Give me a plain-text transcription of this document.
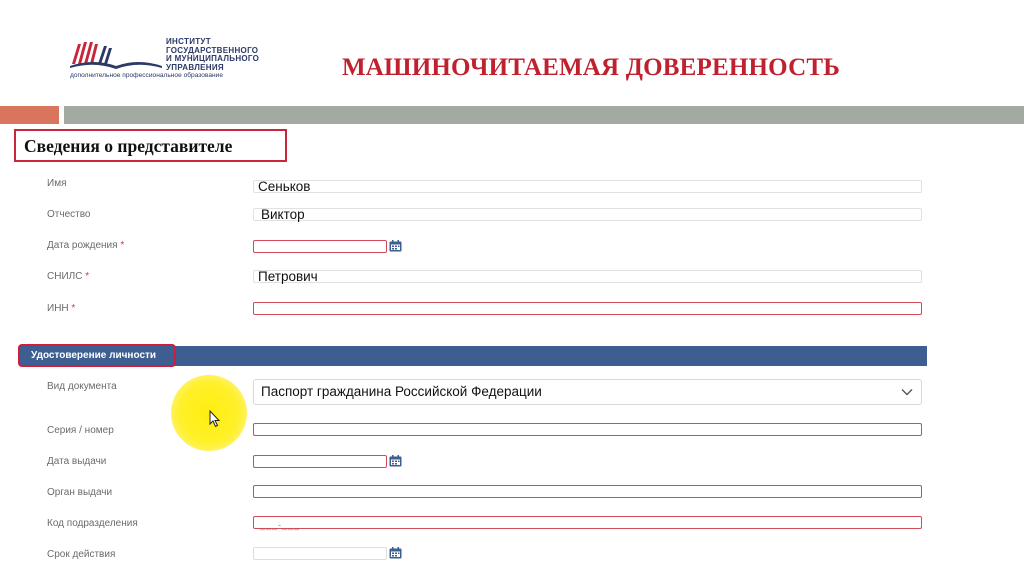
ИНСТИТУТ
ГОСУДАРСТВЕННОГО
И МУНИЦИПАЛЬНОГО
УПРАВЛЕНИЯ
дополнительное профессиональное образование	МАШИНОЧИТАЕМАЯ ДОВЕРЕННОСТЬ
Сведения о представителе
Имя	Сеньков
Отчество	Виктор
Дата рождения *
СНИЛС *	Петрович
ИНН *
Удостоверение личности
Вид документа	Паспорт гражданина Российской Федерации
Серия / номер
Дата выдачи
Орган выдачи
Код подразделения	___-___
Срок действия
